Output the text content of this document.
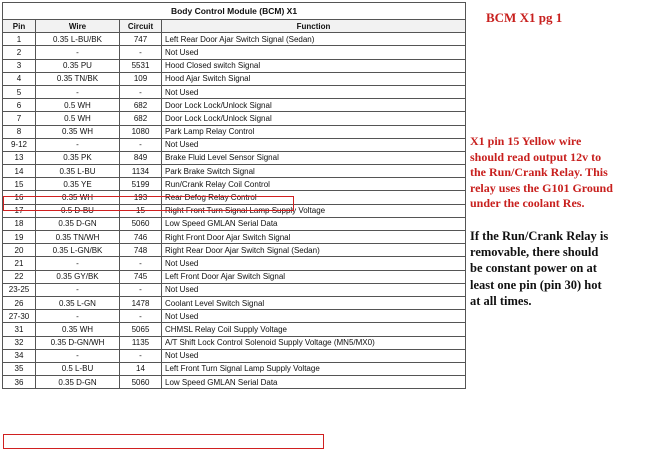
Body Control Module (BCM) X1			
Pin	Wire	Circuit	Function
1	0.35 L-BU/BK	747	Left Rear Door Ajar Switch Signal (Sedan)
2	-	-	Not Used
3	0.35 PU	5531	Hood Closed switch Signal
4	0.35 TN/BK	109	Hood Ajar Switch Signal
5	-	-	Not Used
6	0.5 WH	682	Door Lock Lock/Unlock Signal
7	0.5 WH	682	Door Lock Lock/Unlock Signal
8	0.35 WH	1080	Park Lamp Relay Control
9-12	-	-	Not Used
13	0.35 PK	849	Brake Fluid Level Sensor Signal
14	0.35 L-BU	1134	Park Brake Switch Signal
15	0.35 YE	5199	Run/Crank Relay Coil Control
16	0.35 WH	193	Rear Defog Relay Control
17	0.5 D-BU	15	Right Front Turn Signal Lamp Supply Voltage
18	0.35 D-GN	5060	Low Speed GMLAN Serial Data
19	0.35 TN/WH	746	Right Front Door Ajar Switch Signal
20	0.35 L-GN/BK	748	Right Rear Door Ajar Switch Signal (Sedan)
21	-	-	Not Used
22	0.35 GY/BK	745	Left Front Door Ajar Switch Signal
23-25	-	-	Not Used
26	0.35 L-GN	1478	Coolant Level Switch Signal
27-30	-	-	Not Used
31	0.35 WH	5065	CHMSL Relay Coil Supply Voltage
32	0.35 D-GN/WH	1135	A/T Shift Lock Control Solenoid Supply Voltage (MN5/MX0)
34	-	-	Not Used
35	0.5 L-BU	14	Left Front Turn Signal Lamp Supply Voltage
36	0.35 D-GN	5060	Low Speed GMLAN Serial Data
BCM X1 pg 1
X1 pin 15 Yellow wire
should read output 12v to
the Run/Crank Relay. This
relay uses the G101 Ground
under the coolant Res.
If the Run/Crank Relay is
removable, there should
be constant power on at
least one pin (pin 30) hot
at all times.
